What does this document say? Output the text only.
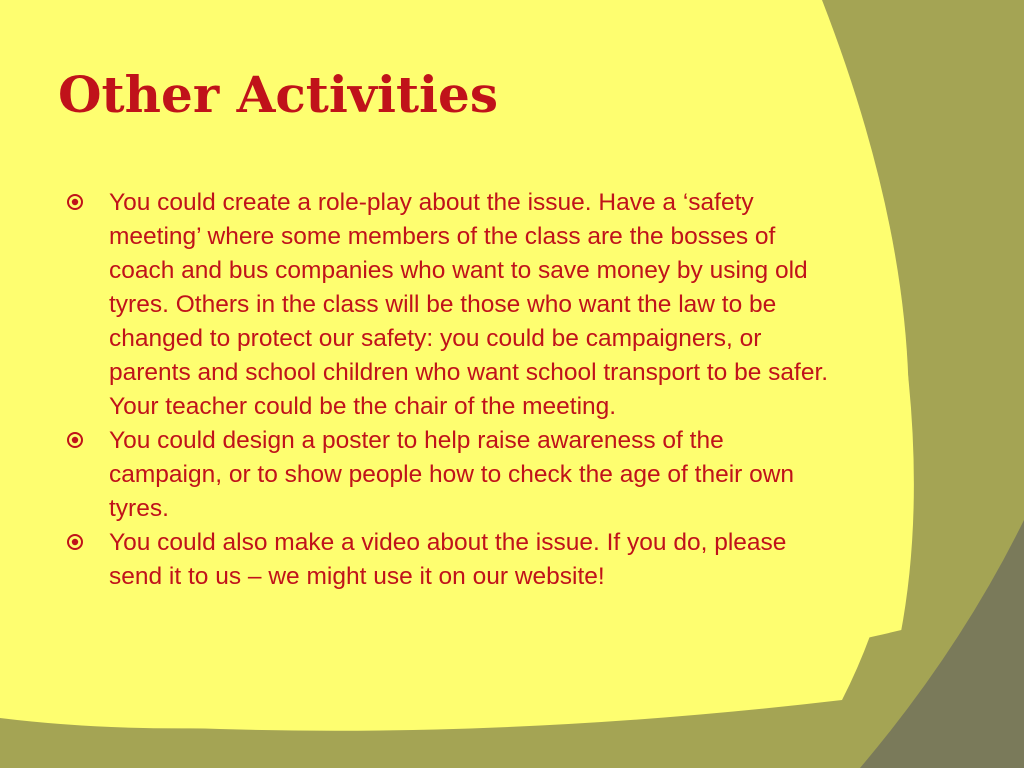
Other Activities
You could create a role-play about the issue. Have a ‘safety meeting’ where some members of the class are the bosses of coach and bus companies who want to save money by using old tyres. Others in the class will be those who want the law to be changed to protect our safety: you could be campaigners, or parents and school children who want school transport to be safer. Your teacher could be the chair of the meeting.
You could design a poster to help raise awareness of the campaign, or to show people how to check the age of their own tyres.
You could also make a video about the issue. If you do, please send it to us – we might use it on our website!
